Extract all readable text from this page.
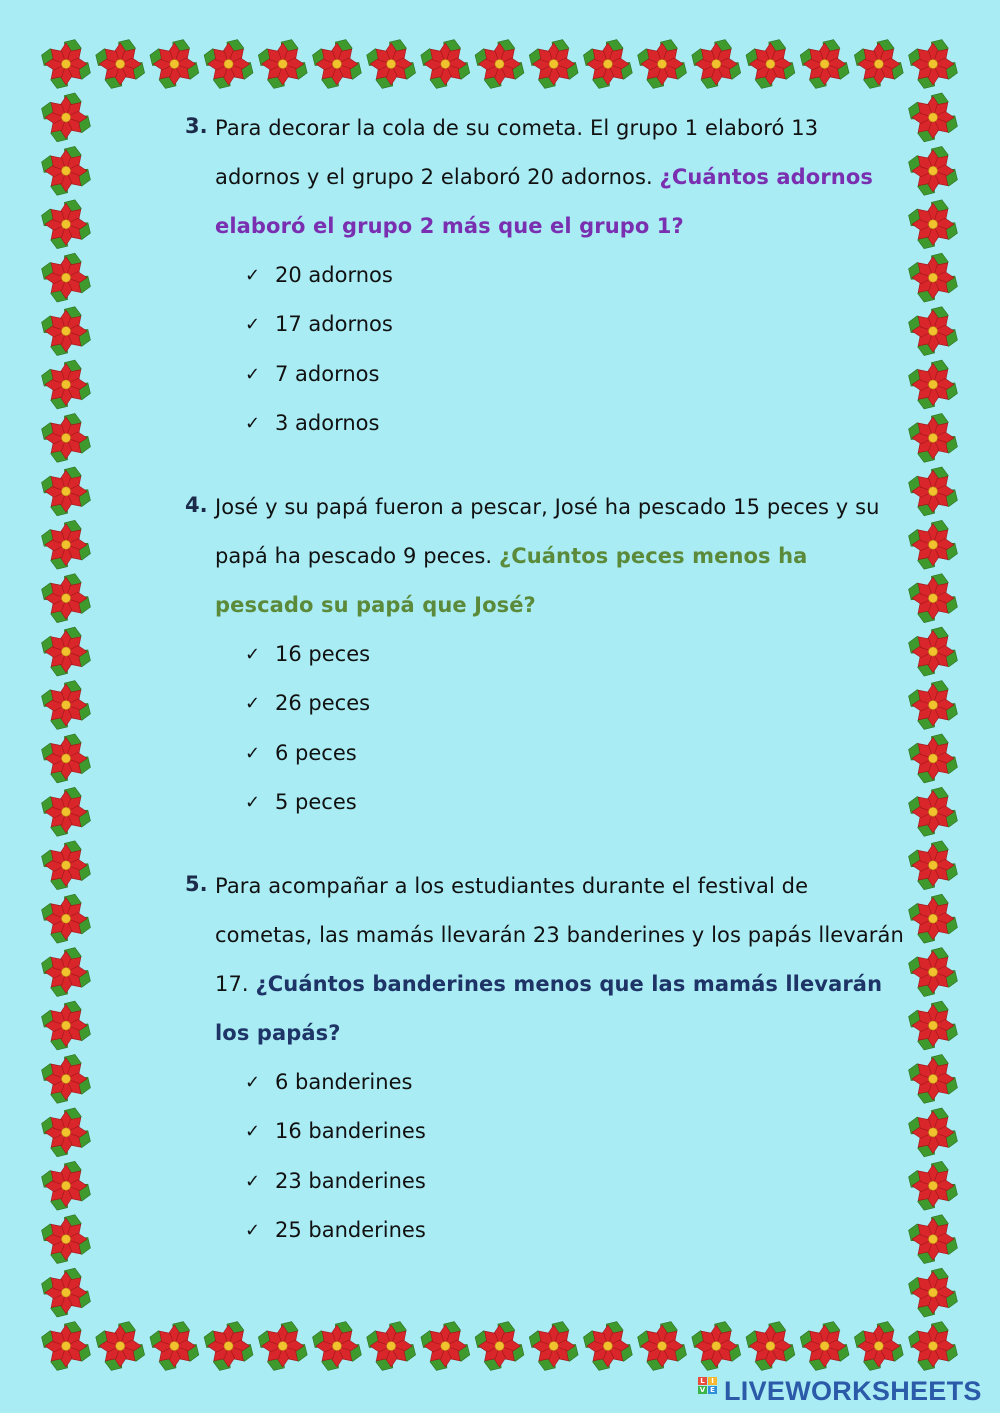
3. Para decorar la cola de su cometa. El grupo 1 elaboró 13 adornos y el grupo 2 elaboró 20 adornos. ¿Cuántos adornos elaboró el grupo 2 más que el grupo 1?
✓ 20 adornos
✓ 17 adornos
✓ 7 adornos
✓ 3 adornos
4. José y su papá fueron a pescar, José ha pescado 15 peces y su papá ha pescado 9 peces. ¿Cuántos peces menos ha pescado su papá que José?
✓ 16 peces
✓ 26 peces
✓ 6 peces
✓ 5 peces
5. Para acompañar a los estudiantes durante el festival de cometas, las mamás llevarán 23 banderines y los papás llevarán 17. ¿Cuántos banderines menos que las mamás llevarán los papás?
✓ 6 banderines
✓ 16 banderines
✓ 23 banderines
✓ 25 banderines
L I
V E LIVEWORKSHEETS
